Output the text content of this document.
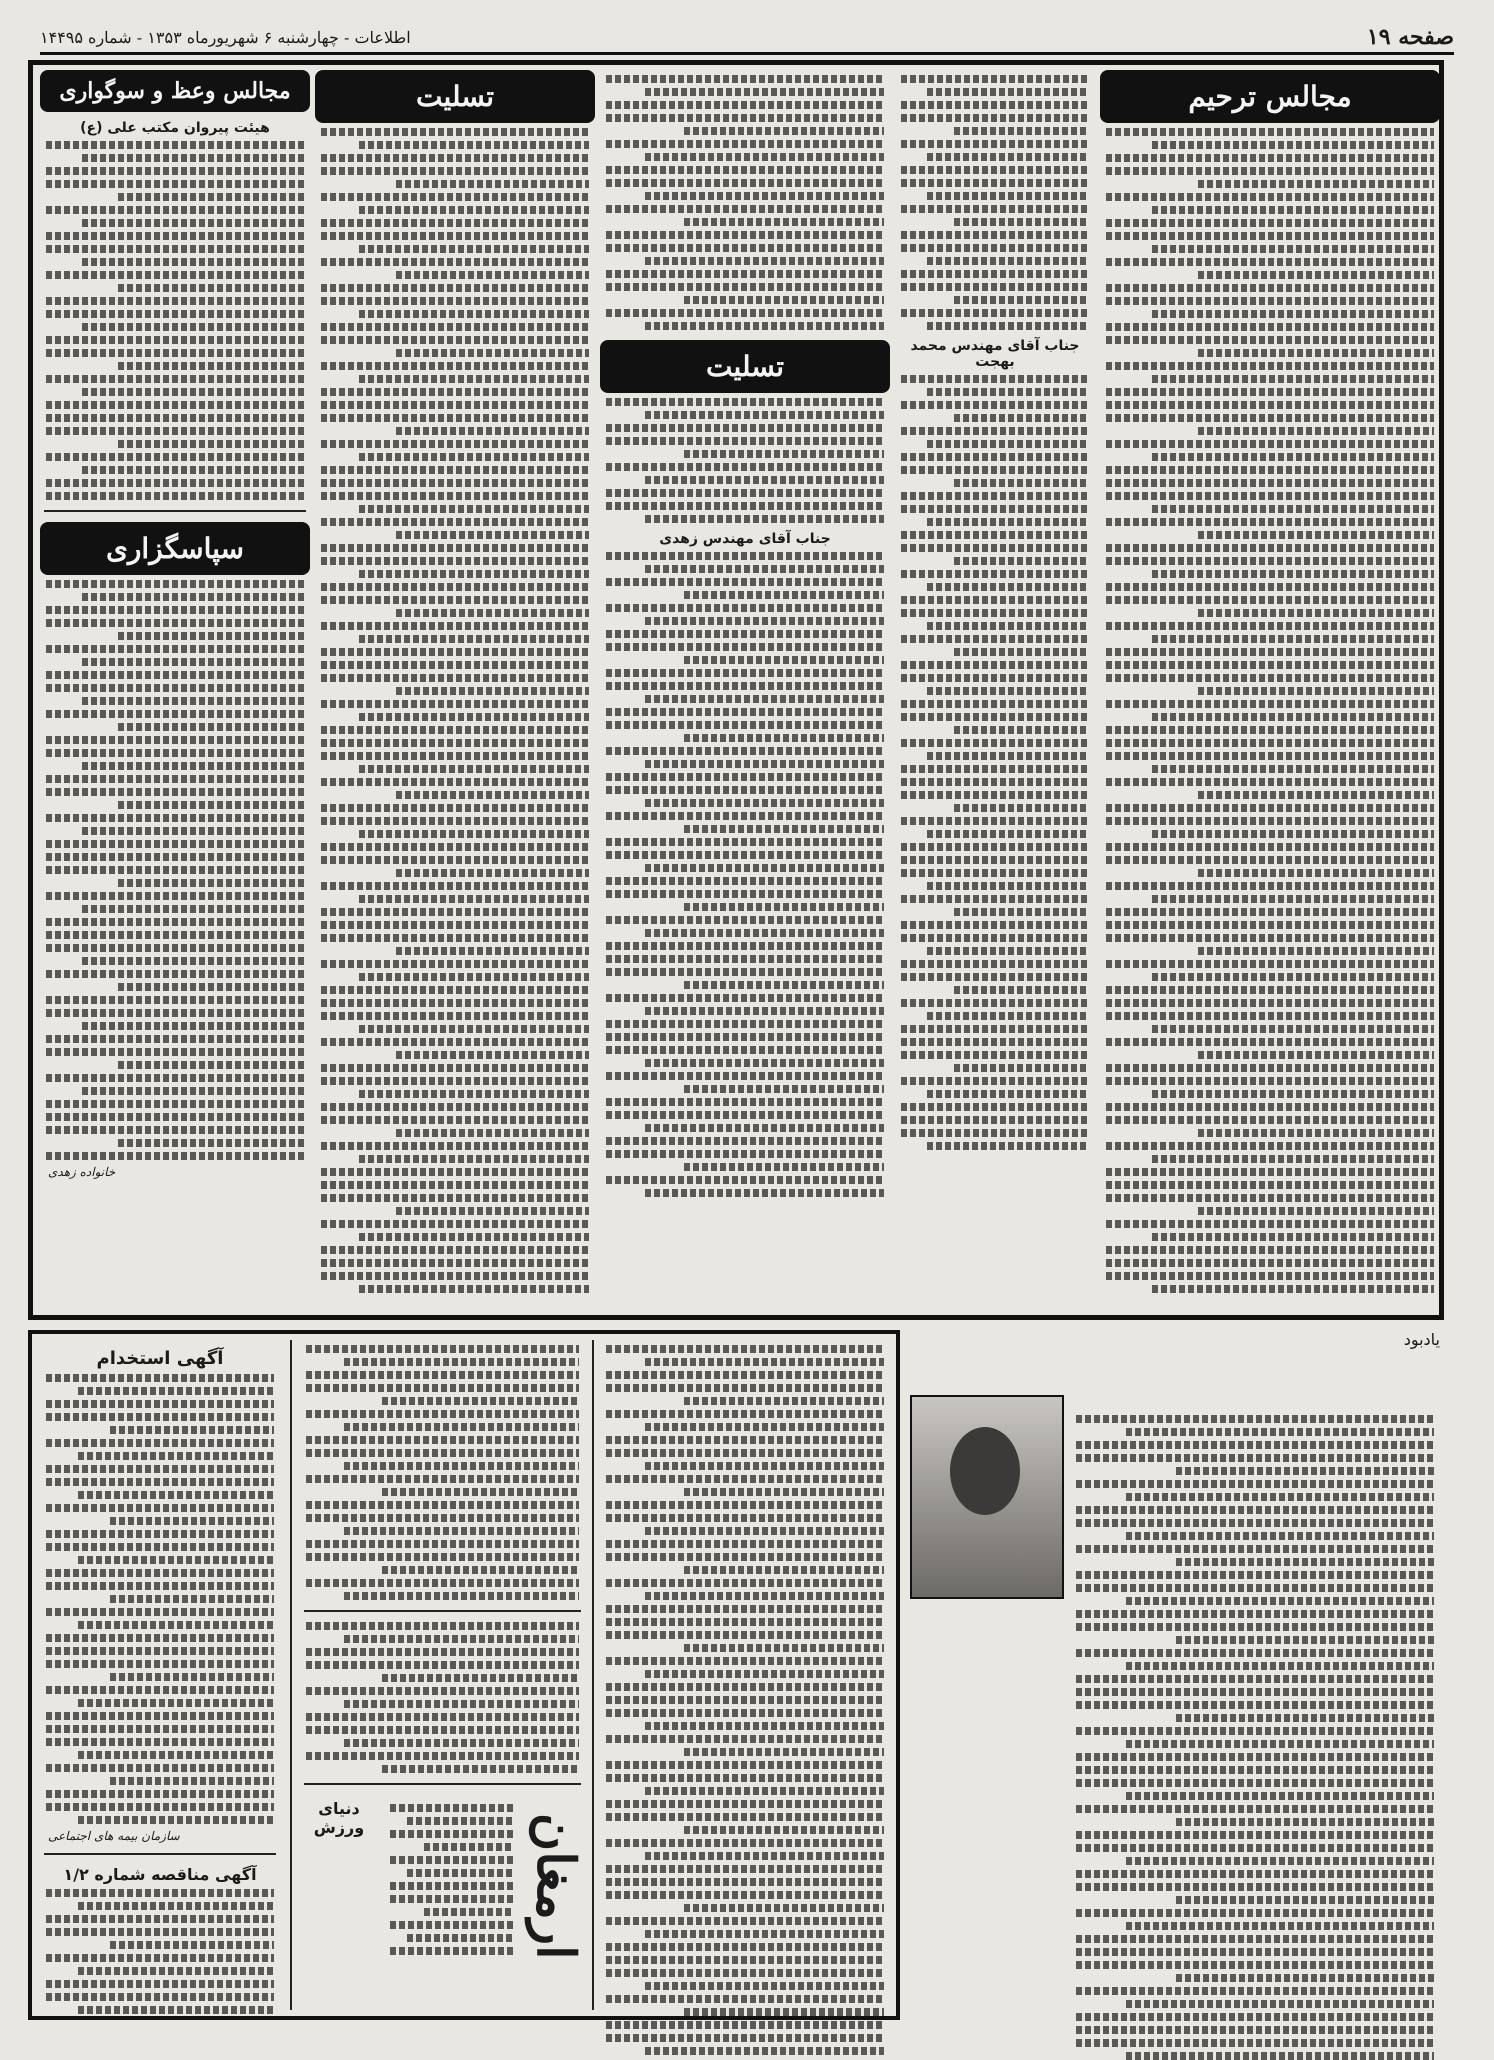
صفحه ۱۹
اطلاعات - چهارشنبه ۶ شهریورماه ۱۳۵۳ - شماره ۱۴۴۹۵
مجالس ترحیم
جناب آقای مهندس محمد بهجت
تسلیت
جناب آقای مهندس زهدی
تسلیت
مجالس وعظ و سوگواری
هیئت پیروان مکتب علی (ع)
سپاسگزاری
خانواده زهدی
آگهی استخدام
سازمان بیمه های اجتماعی
آگهی مناقصه شماره ۱/۲	ارمغان
دنیای ورزش
یادبود
